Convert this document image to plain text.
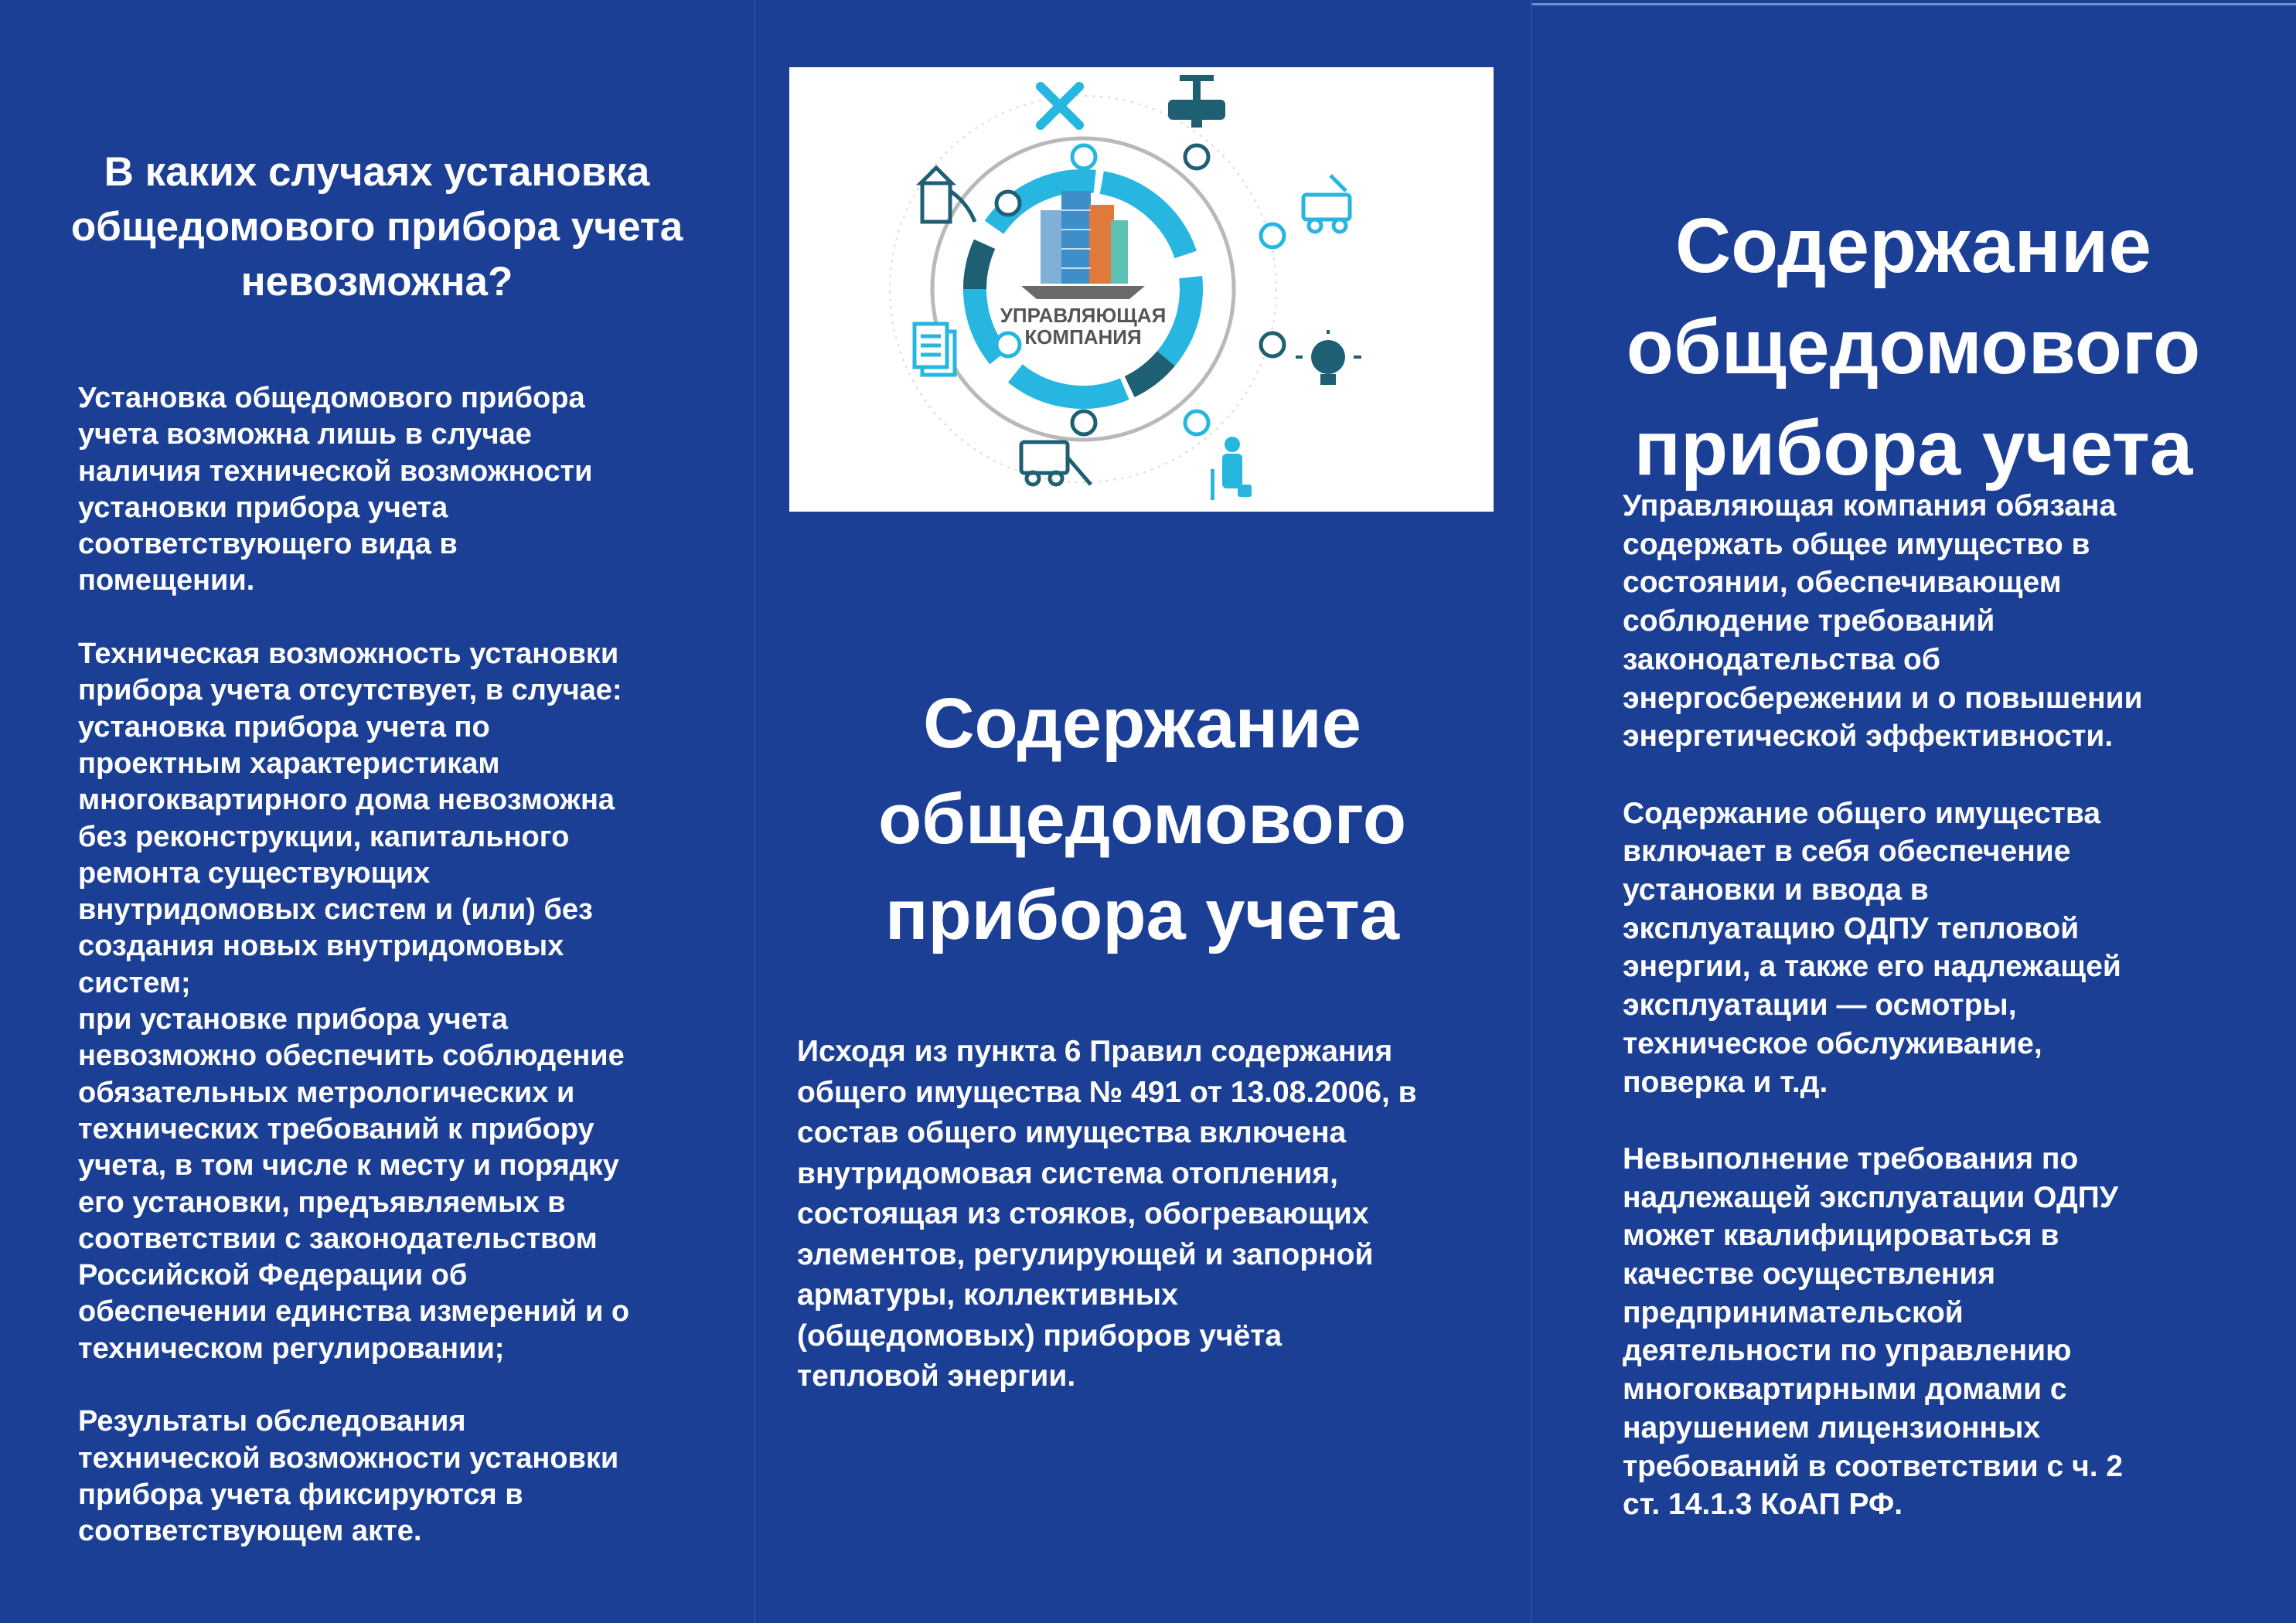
В каких случаях установка общедомового прибора учета невозможна?

Установка общедомового прибора
учета возможна лишь в случае
наличия технической возможности
установки прибора учета
соответствующего вида в
помещении.

Техническая возможность установки
прибора учета отсутствует, в случае:
установка прибора учета по
проектным характеристикам
многоквартирного дома невозможна
без реконструкции, капитального
ремонта существующих
внутридомовых систем и (или) без
создания новых внутридомовых
систем;
при установке прибора учета
невозможно обеспечить соблюдение
обязательных метрологических и
технических требований к прибору
учета, в том числе к месту и порядку
его установки, предъявляемых в
соответствии с законодательством
Российской Федерации об
обеспечении единства измерений и о
техническом регулировании;

Результаты обследования
технической возможности установки
прибора учета фиксируются в
соответствующем акте.

УПРАВЛЯЮЩАЯ
КОМПАНИЯ
Содержание общедомового прибора учета

Исходя из пункта 6 Правил содержания
общего имущества № 491 от 13.08.2006, в
состав общего имущества включена
внутридомовая система отопления,
состоящая из стояков, обогревающих
элементов, регулирующей и запорной
арматуры, коллективных
(общедомовых) приборов учёта
тепловой энергии.

Содержание общедомового прибора учета

Управляющая компания обязана
содержать общее имущество в
состоянии, обеспечивающем
соблюдение требований
законодательства об
энергосбережении и о повышении
энергетической эффективности.

Содержание общего имущества
включает в себя обеспечение
установки и ввода в
эксплуатацию ОДПУ тепловой
энергии, а также его надлежащей
эксплуатации — осмотры,
техническое обслуживание,
поверка и т.д.

Невыполнение требования по
надлежащей эксплуатации ОДПУ
может квалифицироваться в
качестве осуществления
предпринимательской
деятельности по управлению
многоквартирными домами с
нарушением лицензионных
требований в соответствии с ч. 2
ст. 14.1.3 КоАП РФ.
